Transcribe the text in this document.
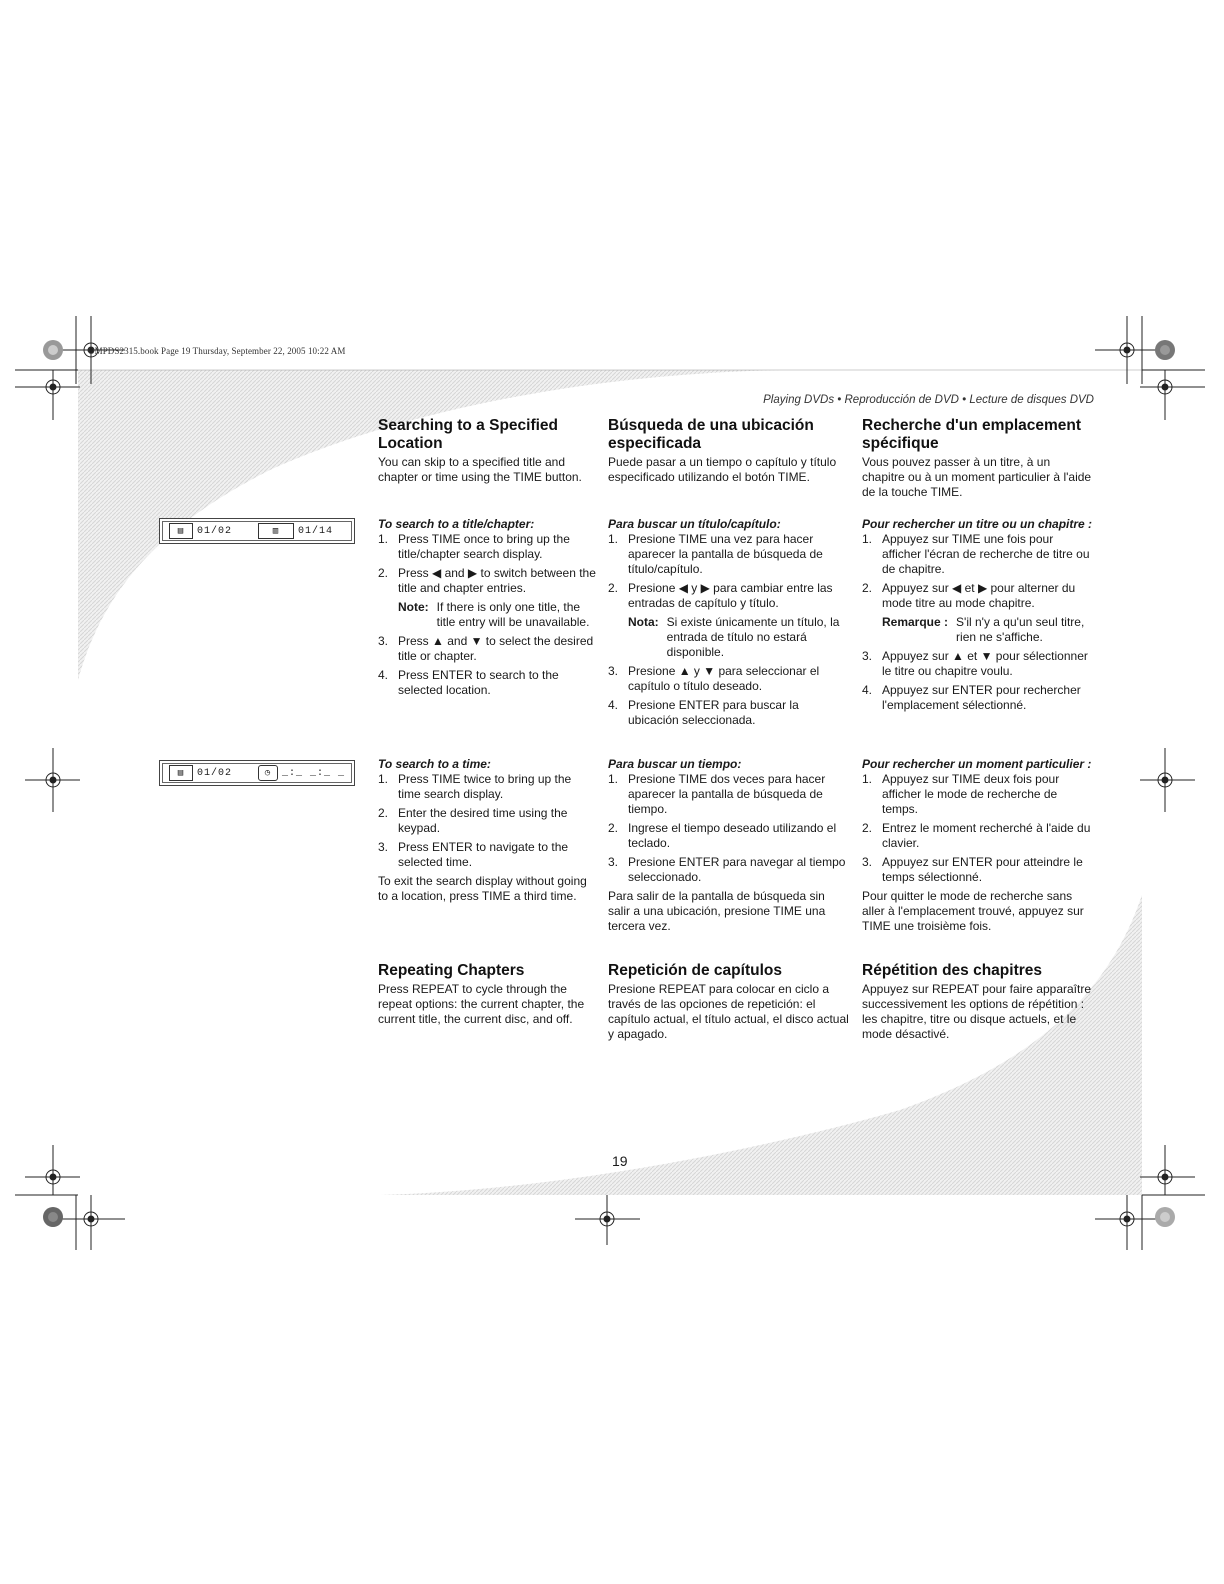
OMPDS2315.book Page 19 Thursday, September 22, 2005 10:22 AM
Playing DVDs • Reproducción de DVD • Lecture de disques DVD
▤	01/02	▥	01/14
▤	01/02	◷	_:_ _:_ _
Searching to a Specified Location

You can skip to a specified title and chapter or time using the TIME button.

To search to a title/chapter:

1. Press TIME once to bring up the title/chapter search display.
2. Press ◀ and ▶ to switch between the title and chapter entries.
Note: If there is only one title, the title entry will be unavailable.
3. Press ▲ and ▼ to select the desired title or chapter.
4. Press ENTER to search to the selected location.

To search to a time:

1. Press TIME twice to bring up the time search display.
2. Enter the desired time using the keypad.
3. Press ENTER to navigate to the selected time.

To exit the search display without going to a location, press TIME a third time.

Repeating Chapters

Press REPEAT to cycle through the repeat options: the current chapter, the current title, the current disc, and off.

Búsqueda de una ubicación especificada

Puede pasar a un tiempo o capítulo y título especificado utilizando el botón TIME.

Para buscar un título/capítulo:

1. Presione TIME una vez para hacer aparecer la pantalla de búsqueda de título/capítulo.
2. Presione ◀ y ▶ para cambiar entre las entradas de capítulo y título.
Nota: Si existe únicamente un título, la entrada de título no estará disponible.
3. Presione ▲ y ▼ para seleccionar el capítulo o título deseado.
4. Presione ENTER para buscar la ubicación seleccionada.

Para buscar un tiempo:

1. Presione TIME dos veces para hacer aparecer la pantalla de búsqueda de tiempo.
2. Ingrese el tiempo deseado utilizando el teclado.
3. Presione ENTER para navegar al tiempo seleccionado.

Para salir de la pantalla de búsqueda sin salir a una ubicación, presione TIME una tercera vez.

Repetición de capítulos

Presione REPEAT para colocar en ciclo a través de las opciones de repetición: el capítulo actual, el título actual, el disco actual y apagado.

Recherche d'un emplacement spécifique

Vous pouvez passer à un titre, à un chapitre ou à un moment particulier à l'aide de la touche TIME.

Pour rechercher un titre ou un chapitre :

1. Appuyez sur TIME une fois pour afficher l'écran de recherche de titre ou de chapitre.
2. Appuyez sur ◀ et ▶ pour alterner du mode titre au mode chapitre.
Remarque : S'il n'y a qu'un seul titre, rien ne s'affiche.
3. Appuyez sur ▲ et ▼ pour sélectionner le titre ou chapitre voulu.
4. Appuyez sur ENTER pour rechercher l'emplacement sélectionné.

Pour rechercher un moment particulier :

1. Appuyez sur TIME deux fois pour afficher le mode de recherche de temps.
2. Entrez le moment recherché à l'aide du clavier.
3. Appuyez sur ENTER pour atteindre le temps sélectionné.

Pour quitter le mode de recherche sans aller à l'emplacement trouvé, appuyez sur TIME une troisième fois.

Répétition des chapitres

Appuyez sur REPEAT pour faire apparaître successivement les options de répétition : les chapitre, titre ou disque actuels, et le mode désactivé.

19
